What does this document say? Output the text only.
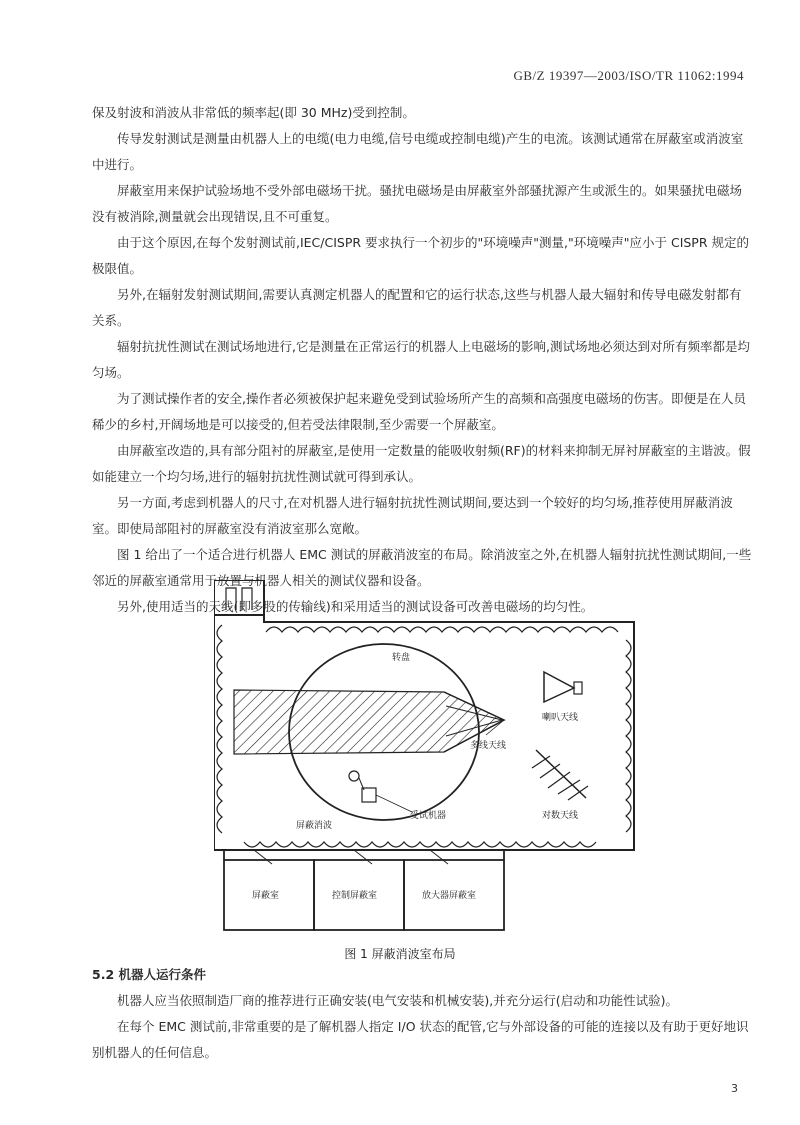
GB/Z 19397—2003/ISO/TR 11062:1994

保及射波和消波从非常低的频率起(即 30 MHz)受到控制。

传导发射测试是测量由机器人上的电缆(电力电缆,信号电缆或控制电缆)产生的电流。该测试通常在屏蔽室或消波室中进行。

屏蔽室用来保护试验场地不受外部电磁场干扰。骚扰电磁场是由屏蔽室外部骚扰源产生或派生的。如果骚扰电磁场没有被消除,测量就会出现错误,且不可重复。

由于这个原因,在每个发射测试前,IEC/CISPR 要求执行一个初步的"环境噪声"测量,"环境噪声"应小于 CISPR 规定的极限值。

另外,在辐射发射测试期间,需要认真测定机器人的配置和它的运行状态,这些与机器人最大辐射和传导电磁发射都有关系。

辐射抗扰性测试在测试场地进行,它是测量在正常运行的机器人上电磁场的影响,测试场地必须达到对所有频率都是均匀场。

为了测试操作者的安全,操作者必须被保护起来避免受到试验场所产生的高频和高强度电磁场的伤害。即便是在人员稀少的乡村,开阔场地是可以接受的,但若受法律限制,至少需要一个屏蔽室。

由屏蔽室改造的,具有部分阻衬的屏蔽室,是使用一定数量的能吸收射频(RF)的材料来抑制无屏衬屏蔽室的主谐波。假如能建立一个均匀场,进行的辐射抗扰性测试就可得到承认。

另一方面,考虑到机器人的尺寸,在对机器人进行辐射抗扰性测试期间,要达到一个较好的均匀场,推荐使用屏蔽消波室。即使局部阻衬的屏蔽室没有消波室那么宽敞。

图 1 给出了一个适合进行机器人 EMC 测试的屏蔽消波室的布局。除消波室之外,在机器人辐射抗扰性测试期间,一些邻近的屏蔽室通常用于放置与机器人相关的测试仪器和设备。

另外,使用适当的天线(即多股的传输线)和采用适当的测试设备可改善电磁场的均匀性。

转盘
喇叭天线
多线天线
对数天线
受试机器
屏蔽消波
屏蔽室	控制屏蔽室	放大器屏蔽室
图 1 屏蔽消波室布局

5.2 机器人运行条件

机器人应当依照制造厂商的推荐进行正确安装(电气安装和机械安装),并充分运行(启动和功能性试验)。

在每个 EMC 测试前,非常重要的是了解机器人指定 I/O 状态的配管,它与外部设备的可能的连接以及有助于更好地识别机器人的任何信息。

3
